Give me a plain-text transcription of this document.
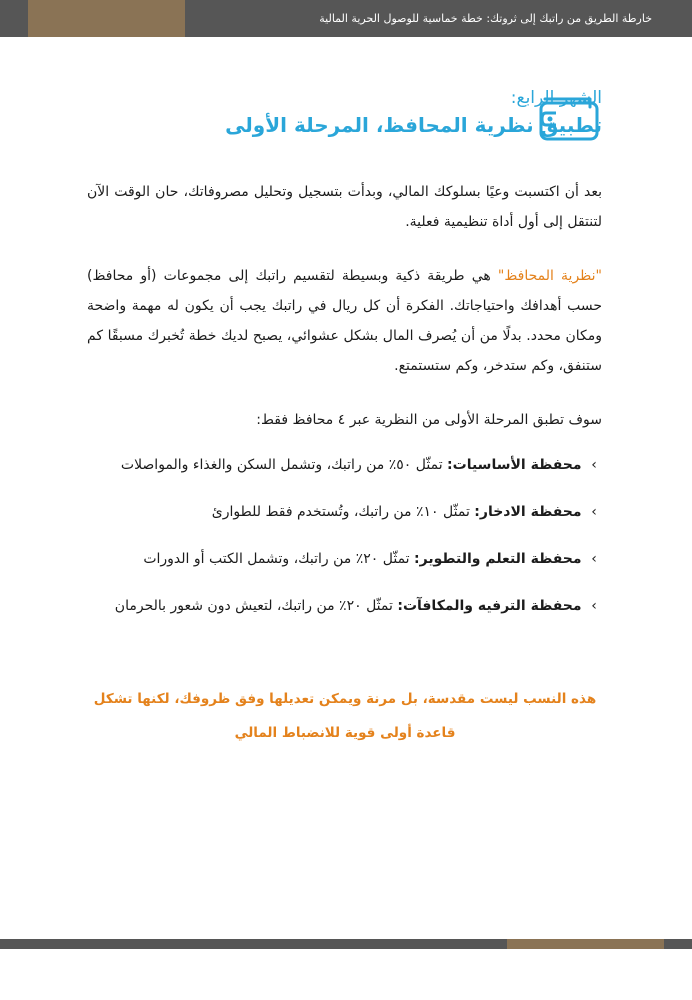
خارطة الطريق من راتبك إلى ثروتك: خطة خماسية للوصول الحرية المالية
الشهر الرابع:
تطبيق نظرية المحافظ، المرحلة الأولى

بعد أن اكتسبت وعيًا بسلوكك المالي، وبدأت بتسجيل وتحليل مصروفاتك، حان الوقت الآن لتنتقل إلى أول أداة تنظيمية فعلية.

"نظرية المحافظ" هي طريقة ذكية وبسيطة لتقسيم راتبك إلى مجموعات (أو محافظ) حسب أهدافك واحتياجاتك. الفكرة أن كل ريال في راتبك يجب أن يكون له مهمة واضحة ومكان محدد. بدلًا من أن يُصرف المال بشكل عشوائي، يصبح لديك خطة تُخبرك مسبقًا كم ستنفق، وكم ستدخر، وكم ستستمتع.

سوف تطبق المرحلة الأولى من النظرية عبر ٤ محافظ فقط:

› محفظة الأساسيات: تمثّل ٥٠٪ من راتبك، وتشمل السكن والغذاء والمواصلات
› محفظة الادخار: تمثّل ١٠٪ من راتبك، وتُستخدم فقط للطوارئ
› محفظة التعلم والتطوير: تمثّل ٢٠٪ من راتبك، وتشمل الكتب أو الدورات
› محفظة الترفيه والمكافآت: تمثّل ٢٠٪ من راتبك، لتعيش دون شعور بالحرمان
هذه النسب ليست مقدسة، بل مرنة ويمكن تعديلها وفق ظروفك، لكنها تشكل
قاعدة أولى قوية للانضباط المالي
